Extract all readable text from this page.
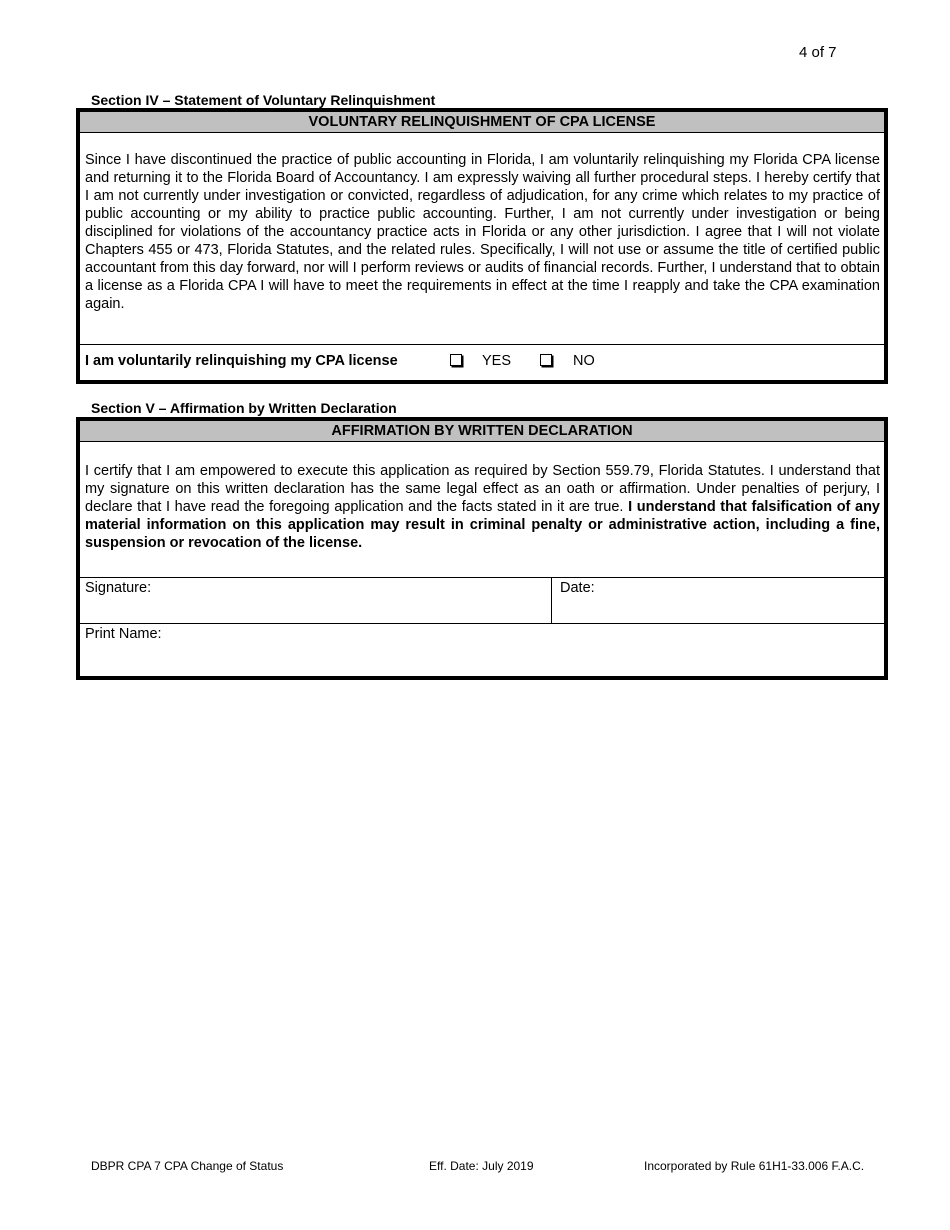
4 of 7
Section IV – Statement of Voluntary Relinquishment
VOLUNTARY RELINQUISHMENT OF CPA LICENSE
Since I have discontinued the practice of public accounting in Florida, I am voluntarily relinquishing my Florida CPA license and returning it to the Florida Board of Accountancy. I am expressly waiving all further procedural steps. I hereby certify that I am not currently under investigation or convicted, regardless of adjudication, for any crime which relates to my practice of public accounting or my ability to practice public accounting. Further, I am not currently under investigation or being disciplined for violations of the accountancy practice acts in Florida or any other jurisdiction. I agree that I will not violate Chapters 455 or 473, Florida Statutes, and the related rules. Specifically, I will not use or assume the title of certified public accountant from this day forward, nor will I perform reviews or audits of financial records. Further, I understand that to obtain a license as a Florida CPA I will have to meet the requirements in effect at the time I reapply and take the CPA examination again.
I am voluntarily relinquishing my CPA license	YES	NO
Section V – Affirmation by Written Declaration
AFFIRMATION BY WRITTEN DECLARATION
I certify that I am empowered to execute this application as required by Section 559.79, Florida Statutes. I understand that my signature on this written declaration has the same legal effect as an oath or affirmation. Under penalties of perjury, I declare that I have read the foregoing application and the facts stated in it are true. I understand that falsification of any material information on this application may result in criminal penalty or administrative action, including a fine, suspension or revocation of the license.
Signature:	Date:
Print Name:
DBPR CPA 7 CPA Change of Status	Eff. Date: July 2019	Incorporated by Rule 61H1-33.006 F.A.C.
